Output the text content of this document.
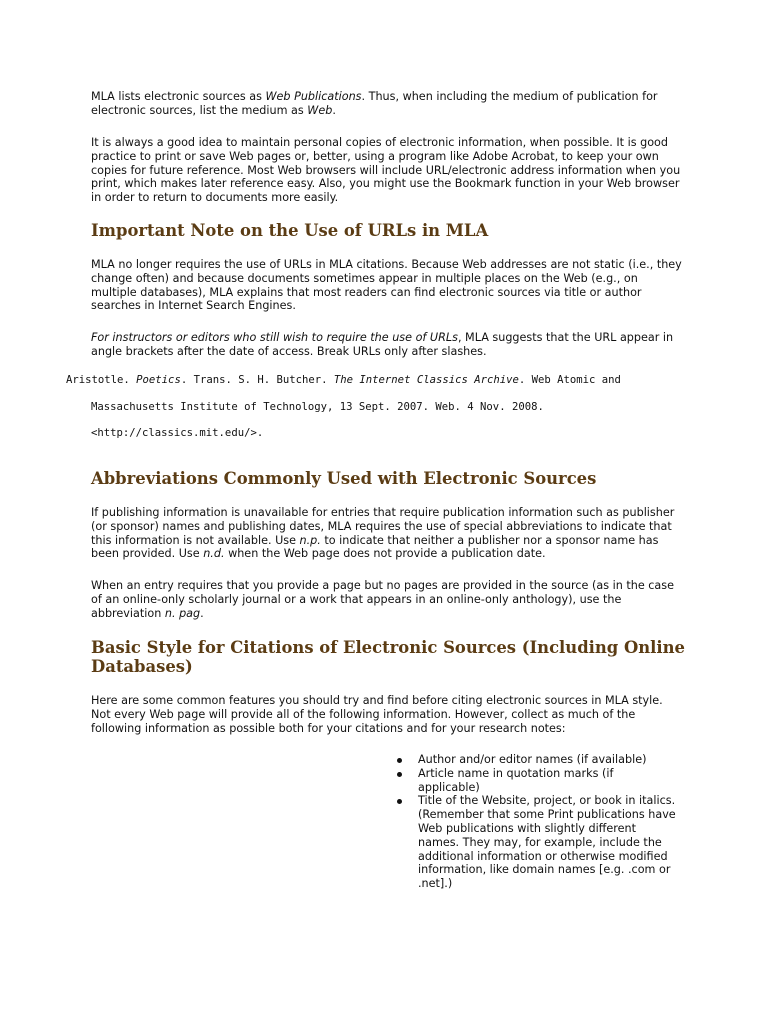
MLA lists electronic sources as Web Publications. Thus, when including the medium of publication for electronic sources, list the medium as Web.

It is always a good idea to maintain personal copies of electronic information, when possible. It is good practice to print or save Web pages or, better, using a program like Adobe Acrobat, to keep your own copies for future reference. Most Web browsers will include URL/electronic address information when you print, which makes later reference easy. Also, you might use the Bookmark function in your Web browser in order to return to documents more easily.

Important Note on the Use of URLs in MLA

MLA no longer requires the use of URLs in MLA citations. Because Web addresses are not static (i.e., they change often) and because documents sometimes appear in multiple places on the Web (e.g., on multiple databases), MLA explains that most readers can find electronic sources via title or author searches in Internet Search Engines.

For instructors or editors who still wish to require the use of URLs, MLA suggests that the URL appear in angle brackets after the date of access. Break URLs only after slashes.

Aristotle. Poetics. Trans. S. H. Butcher. The Internet Classics Archive. Web Atomic and

Massachusetts Institute of Technology, 13 Sept. 2007. Web. 4 Nov. 2008.

<http://classics.mit.edu/>.

Abbreviations Commonly Used with Electronic Sources

If publishing information is unavailable for entries that require publication information such as publisher (or sponsor) names and publishing dates, MLA requires the use of special abbreviations to indicate that this information is not available. Use n.p. to indicate that neither a publisher nor a sponsor name has been provided. Use n.d. when the Web page does not provide a publication date.

When an entry requires that you provide a page but no pages are provided in the source (as in the case of an online-only scholarly journal or a work that appears in an online-only anthology), use the abbreviation n. pag.

Basic Style for Citations of Electronic Sources (Including Online Databases)

Here are some common features you should try and find before citing electronic sources in MLA style. Not every Web page will provide all of the following information. However, collect as much of the following information as possible both for your citations and for your research notes:

Author and/or editor names (if available)
Article name in quotation marks (if applicable)
Title of the Website, project, or book in italics. (Remember that some Print publications have Web publications with slightly different names. They may, for example, include the additional information or otherwise modified information, like domain names [e.g. .com or .net].)
